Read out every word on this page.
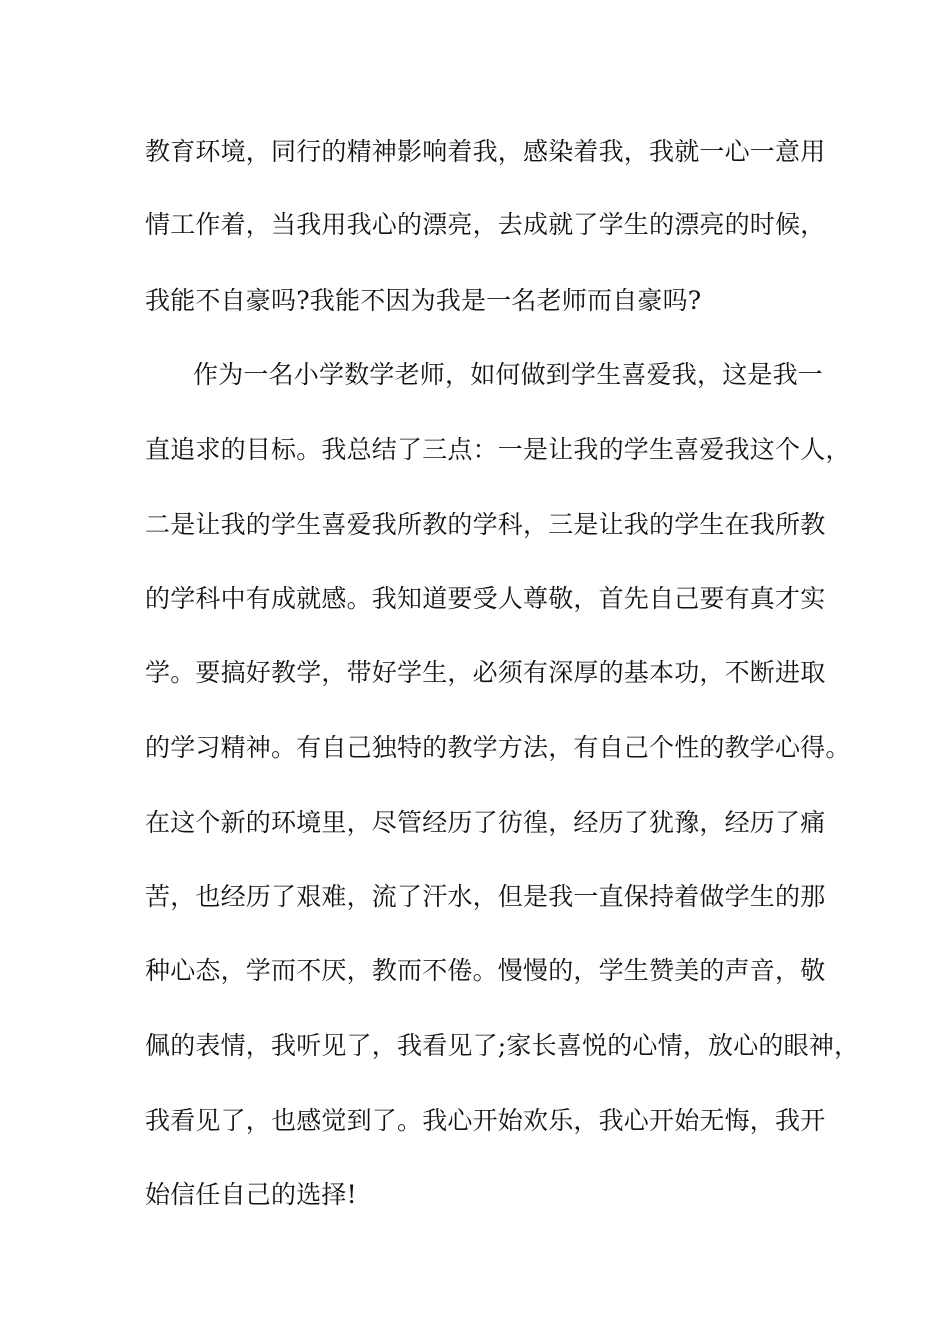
教育环境，同行的精神影响着我，感染着我，我就一心一意用
情工作着，当我用我心的漂亮，去成就了学生的漂亮的时候，
我能不自豪吗?我能不因为我是一名老师而自豪吗?
作为一名小学数学老师，如何做到学生喜爱我，这是我一
直追求的目标。我总结了三点：一是让我的学生喜爱我这个人，
二是让我的学生喜爱我所教的学科，三是让我的学生在我所教
的学科中有成就感。我知道要受人尊敬，首先自己要有真才实
学。要搞好教学，带好学生，必须有深厚的基本功，不断进取
的学习精神。有自己独特的教学方法，有自己个性的教学心得。
在这个新的环境里，尽管经历了彷徨，经历了犹豫，经历了痛
苦，也经历了艰难，流了汗水，但是我一直保持着做学生的那
种心态，学而不厌，教而不倦。慢慢的，学生赞美的声音，敬
佩的表情，我听见了，我看见了;家长喜悦的心情，放心的眼神，
我看见了，也感觉到了。我心开始欢乐，我心开始无悔，我开
始信任自己的选择!
